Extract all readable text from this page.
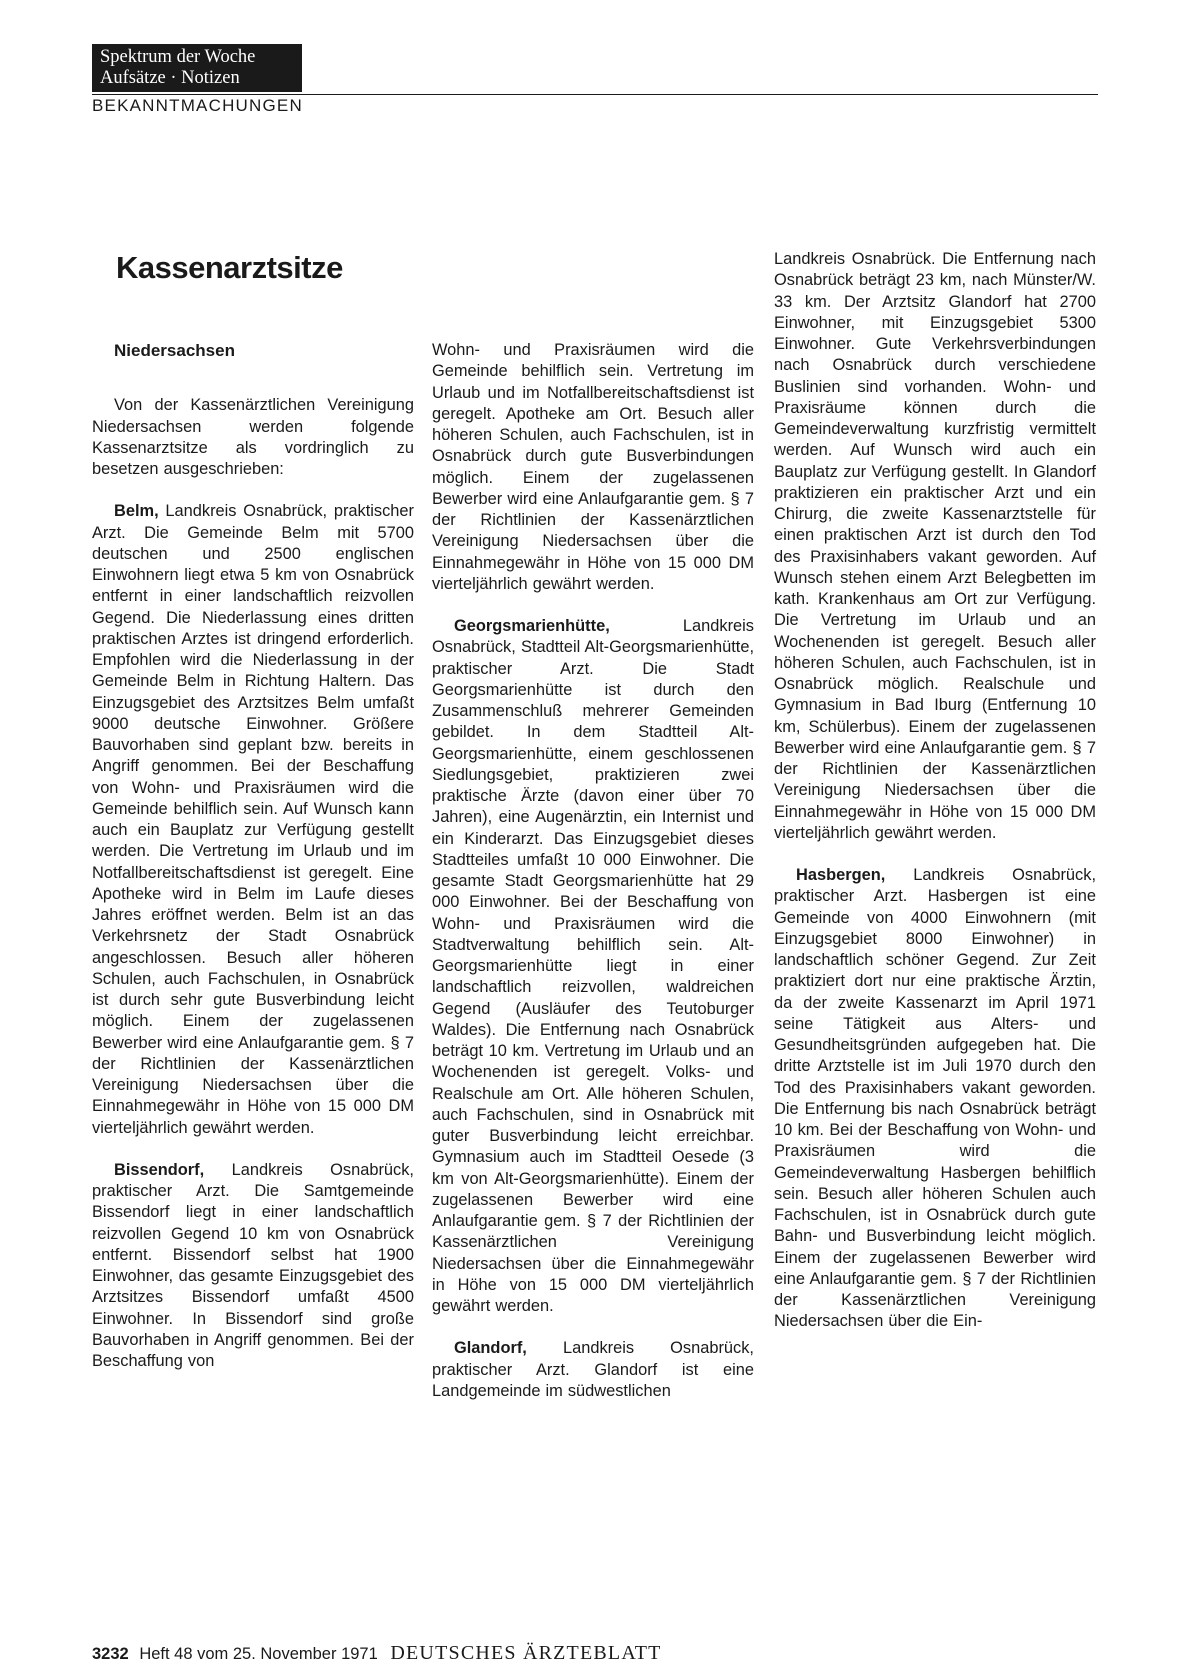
Spektrum der Woche
Aufsätze · Notizen
BEKANNTMACHUNGEN
Kassenarztsitze

Niedersachsen

Von der Kassenärztlichen Vereinigung Niedersachsen werden folgende Kassenarztsitze als vordringlich zu besetzen ausgeschrieben:

Belm, Landkreis Osnabrück, praktischer Arzt. Die Gemeinde Belm mit 5700 deutschen und 2500 englischen Einwohnern liegt etwa 5 km von Osnabrück entfernt in einer landschaftlich reizvollen Gegend. Die Niederlassung eines dritten praktischen Arztes ist dringend erforderlich. Empfohlen wird die Niederlassung in der Gemeinde Belm in Richtung Haltern. Das Einzugsgebiet des Arztsitzes Belm umfaßt 9000 deutsche Einwohner. Größere Bauvorhaben sind geplant bzw. bereits in Angriff genommen. Bei der Beschaffung von Wohn- und Praxisräumen wird die Gemeinde behilflich sein. Auf Wunsch kann auch ein Bauplatz zur Verfügung gestellt werden. Die Vertretung im Urlaub und im Notfallbereitschaftsdienst ist geregelt. Eine Apotheke wird in Belm im Laufe dieses Jahres eröffnet werden. Belm ist an das Verkehrsnetz der Stadt Osnabrück angeschlossen. Besuch aller höheren Schulen, auch Fachschulen, in Osnabrück ist durch sehr gute Busverbindung leicht möglich. Einem der zugelassenen Bewerber wird eine Anlaufgarantie gem. § 7 der Richtlinien der Kassenärztlichen Vereinigung Niedersachsen über die Einnahmegewähr in Höhe von 15 000 DM vierteljährlich gewährt werden.

Bissendorf, Landkreis Osnabrück, praktischer Arzt. Die Samtgemeinde Bissendorf liegt in einer landschaftlich reizvollen Gegend 10 km von Osnabrück entfernt. Bissendorf selbst hat 1900 Einwohner, das gesamte Einzugsgebiet des Arztsitzes Bissendorf umfaßt 4500 Einwohner. In Bissendorf sind große Bauvorhaben in Angriff genommen. Bei der Beschaffung von

Wohn- und Praxisräumen wird die Gemeinde behilflich sein. Vertretung im Urlaub und im Notfallbereitschaftsdienst ist geregelt. Apotheke am Ort. Besuch aller höheren Schulen, auch Fachschulen, ist in Osnabrück durch gute Busverbindungen möglich. Einem der zugelassenen Bewerber wird eine Anlaufgarantie gem. § 7 der Richtlinien der Kassenärztlichen Vereinigung Niedersachsen über die Einnahmegewähr in Höhe von 15 000 DM vierteljährlich gewährt werden.

Georgsmarienhütte,	Landkreis Osnabrück, Stadtteil Alt-Georgsmarienhütte, praktischer Arzt. Die Stadt Georgsmarienhütte ist durch den Zusammenschluß mehrerer Gemeinden gebildet. In dem Stadtteil Alt-Georgsmarienhütte, einem geschlossenen Siedlungsgebiet, praktizieren zwei praktische Ärzte (davon einer über 70 Jahren), eine Augenärztin, ein Internist und ein Kinderarzt. Das Einzugsgebiet dieses Stadtteiles umfaßt 10 000 Einwohner. Die gesamte Stadt Georgsmarienhütte hat 29 000 Einwohner. Bei der Beschaffung von Wohn- und Praxisräumen wird die Stadtverwaltung behilflich sein. Alt-Georgsmarienhütte liegt in einer landschaftlich reizvollen, waldreichen Gegend (Ausläufer des Teutoburger Waldes). Die Entfernung nach Osnabrück beträgt 10 km. Vertretung im Urlaub und an Wochenenden ist geregelt. Volks- und Realschule am Ort. Alle höheren Schulen, auch Fachschulen, sind in Osnabrück mit guter Busverbindung leicht erreichbar. Gymnasium auch im Stadtteil Oesede (3 km von Alt-Georgsmarienhütte). Einem der zugelassenen Bewerber wird eine Anlaufgarantie gem. § 7 der Richtlinien der Kassenärztlichen Vereinigung Niedersachsen über die Einnahmegewähr in Höhe von 15 000 DM vierteljährlich gewährt werden.

Glandorf, Landkreis Osnabrück, praktischer Arzt. Glandorf ist eine Landgemeinde im südwestlichen

Landkreis Osnabrück. Die Entfernung nach Osnabrück beträgt 23 km, nach Münster/W. 33 km. Der Arztsitz Glandorf hat 2700 Einwohner, mit Einzugsgebiet 5300 Einwohner. Gute Verkehrsverbindungen nach Osnabrück durch verschiedene Buslinien sind vorhanden. Wohn- und Praxisräume können durch die Gemeindeverwaltung kurzfristig vermittelt werden. Auf Wunsch wird auch ein Bauplatz zur Verfügung gestellt. In Glandorf praktizieren ein praktischer Arzt und ein Chirurg, die zweite Kassenarztstelle für einen praktischen Arzt ist durch den Tod des Praxisinhabers vakant geworden. Auf Wunsch stehen einem Arzt Belegbetten im kath. Krankenhaus am Ort zur Verfügung. Die Vertretung im Urlaub und an Wochenenden ist geregelt. Besuch aller höheren Schulen, auch Fachschulen, ist in Osnabrück möglich. Realschule und Gymnasium in Bad Iburg (Entfernung 10 km, Schülerbus). Einem der zugelassenen Bewerber wird eine Anlaufgarantie gem. § 7 der Richtlinien der Kassenärztlichen Vereinigung Niedersachsen über die Einnahmegewähr in Höhe von 15 000 DM vierteljährlich gewährt werden.

Hasbergen, Landkreis Osnabrück, praktischer Arzt. Hasbergen ist eine Gemeinde von 4000 Einwohnern (mit Einzugsgebiet 8000 Einwohner) in landschaftlich schöner Gegend. Zur Zeit praktiziert dort nur eine praktische Ärztin, da der zweite Kassenarzt im April 1971 seine Tätigkeit aus Alters- und Gesundheitsgründen aufgegeben hat. Die dritte Arztstelle ist im Juli 1970 durch den Tod des Praxisinhabers vakant geworden. Die Entfernung bis nach Osnabrück beträgt 10 km. Bei der Beschaffung von Wohn- und Praxisräumen wird die Gemeindeverwaltung Hasbergen behilflich sein. Besuch aller höheren Schulen auch Fachschulen, ist in Osnabrück durch gute Bahn- und Busverbindung leicht möglich. Einem der zugelassenen Bewerber wird eine Anlaufgarantie gem. § 7 der Richtlinien der Kassenärztlichen Vereinigung Niedersachsen über die Ein-

3232 Heft 48 vom 25. November 1971 DEUTSCHES ÄRZTEBLATT
